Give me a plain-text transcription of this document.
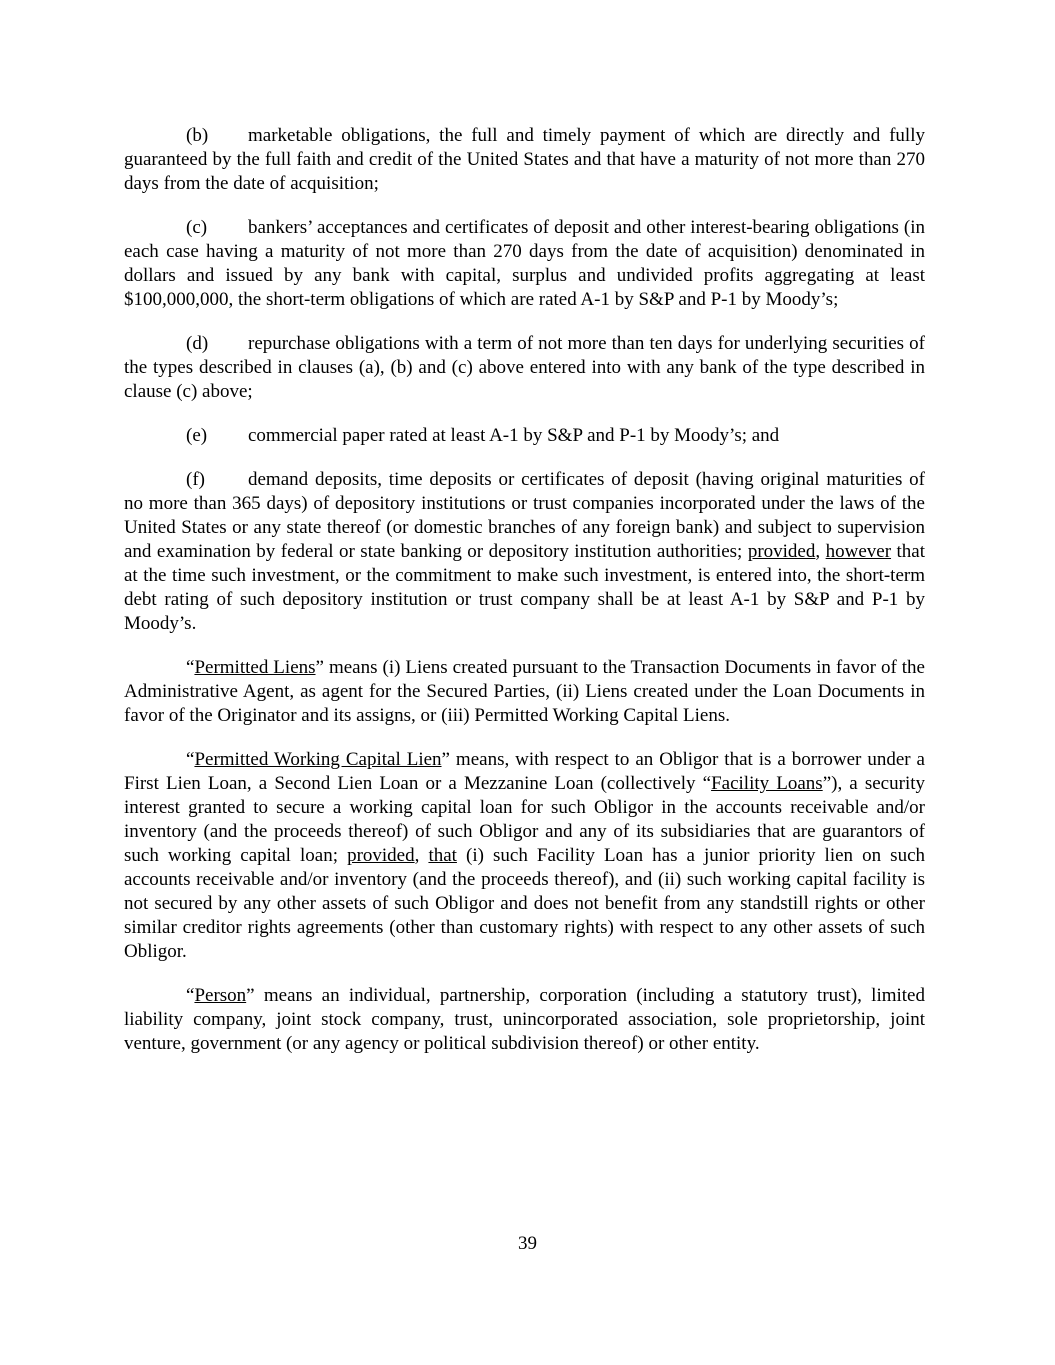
(b) marketable obligations, the full and timely payment of which are directly and fully guaranteed by the full faith and credit of the United States and that have a maturity of not more than 270 days from the date of acquisition;

(c) bankers’ acceptances and certificates of deposit and other interest-bearing obligations (in each case having a maturity of not more than 270 days from the date of acquisition) denominated in dollars and issued by any bank with capital, surplus and undivided profits aggregating at least $100,000,000, the short-term obligations of which are rated A-1 by S&P and P-1 by Moody’s;

(d) repurchase obligations with a term of not more than ten days for underlying securities of the types described in clauses (a), (b) and (c) above entered into with any bank of the type described in clause (c) above;

(e) commercial paper rated at least A-1 by S&P and P-1 by Moody’s; and

(f) demand deposits, time deposits or certificates of deposit (having original maturities of no more than 365 days) of depository institutions or trust companies incorporated under the laws of the United States or any state thereof (or domestic branches of any foreign bank) and subject to supervision and examination by federal or state banking or depository institution authorities; provided, however that at the time such investment, or the commitment to make such investment, is entered into, the short-term debt rating of such depository institution or trust company shall be at least A-1 by S&P and P-1 by Moody’s.

“Permitted Liens” means (i) Liens created pursuant to the Transaction Documents in favor of the Administrative Agent, as agent for the Secured Parties, (ii) Liens created under the Loan Documents in favor of the Originator and its assigns, or (iii) Permitted Working Capital Liens.

“Permitted Working Capital Lien” means, with respect to an Obligor that is a borrower under a First Lien Loan, a Second Lien Loan or a Mezzanine Loan (collectively “Facility Loans”), a security interest granted to secure a working capital loan for such Obligor in the accounts receivable and/or inventory (and the proceeds thereof) of such Obligor and any of its subsidiaries that are guarantors of such working capital loan; provided, that (i) such Facility Loan has a junior priority lien on such accounts receivable and/or inventory (and the proceeds thereof), and (ii) such working capital facility is not secured by any other assets of such Obligor and does not benefit from any standstill rights or other similar creditor rights agreements (other than customary rights) with respect to any other assets of such Obligor.

“Person” means an individual, partnership, corporation (including a statutory trust), limited liability company, joint stock company, trust, unincorporated association, sole proprietorship, joint venture, government (or any agency or political subdivision thereof) or other entity.

39
